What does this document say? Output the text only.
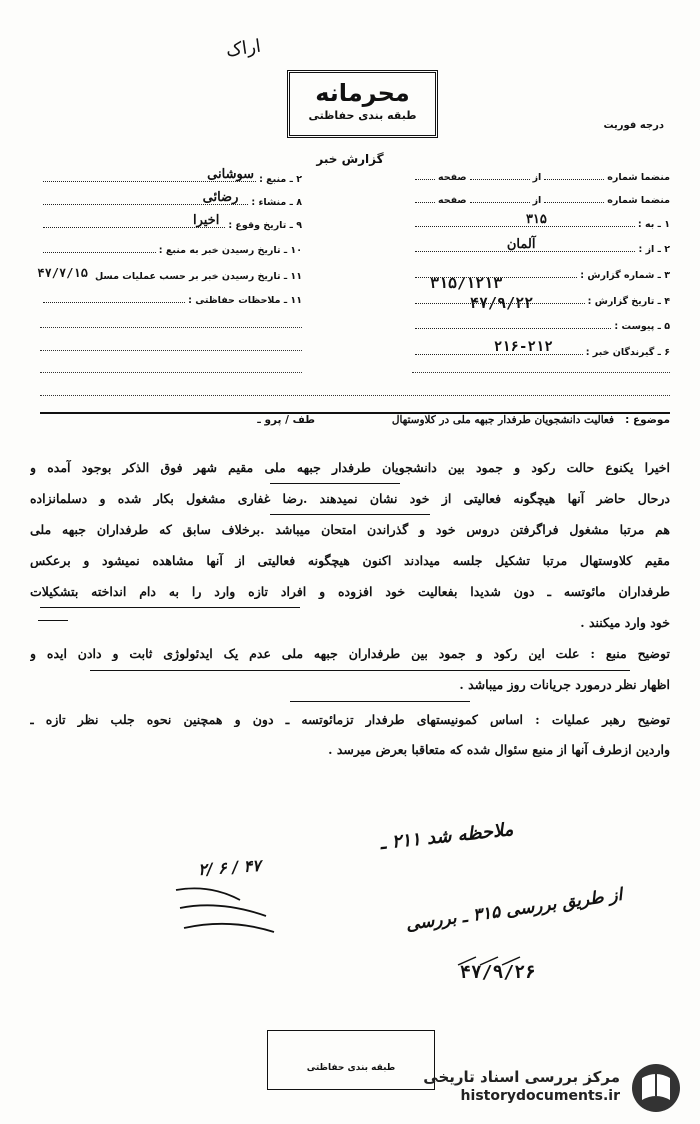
اراک
محرمانه
طبقه بندی حفاظتی
درجه فوریت
گزارش خبر
۲ ـ منبع :
سوشانی
۸ ـ منشاء :
رضائی
۹ ـ تاریخ وقوع :
اخیرا
۱۰ ـ تاریخ رسیدن خبر به منبع :
۱۱ ـ تاریخ رسیدن خبر بر حسب عملیات مسل
۴۷/۷/۱۵
۱۱ ـ ملاحظات حفاظتی :
منضما شماره
از
صفحه
منضما شماره
از
صفحه
۱ ـ به :
۳۱۵
۲ ـ از :
آلمان
۳ ـ شماره گزارش :
۴ ـ تاریخ گزارش :
۵ ـ پیوست :
۶ ـ گیرندگان خبر :
۲۱۶-۲۱۲
۳۱۵/۱۲۱۳
۴۷/۹/۲۲
موضوع :
فعالیت دانشجویان طرفدار جبهه ملی در کلاوستهال
طف / پرو ـ
اخیرا یکنوع حالت رکود و جمود بین دانشجویان طرفدار جبهه ملی مقیم شهر فوق الذکر بوجود آمده و
درحال حاضر آنها هیچگونه فعالیتی از خود نشان نمیدهند .رضا غفاری مشغول بکار شده و دسلمانزاده
هم مرتبا مشغول فراگرفتن دروس خود و گذراندن امتحان میباشد .برخلاف سابق که طرفداران جبهه ملی
مقیم کلاوستهال مرتبا تشکیل جلسه میدادند اکنون هیچگونه فعالیتی از آنها مشاهده نمیشود و برعکس
طرفداران مائوتسه ـ دون شدیدا بفعالیت خود افزوده و افراد تازه وارد را به دام انداخته بتشکیلات
خود وارد میکنند .
توضیح منبع : علت این رکود و جمود بین طرفداران جبهه ملی عدم یک ایدئولوژی ثابت و دادن ایده و
اظهار نظر درمورد جریانات روز میباشد .
توضیح رهبر عملیات : اساس کمونیستهای طرفدار تزمائوتسه ـ دون و همچنین نحوه جلب نظر تازه ـ
واردین ازطرف آنها از منبع سئوال شده که متعاقبا بعرض میرسد .
۲/ ۶ / ۴۷
ملاحظه شد ۲۱۱ ـ
از طریق بررسی ۳۱۵ ـ بررسی
۴۷/۹/۲۶
طبقه بندی حفاظتی	مرکز بررسی اسناد تاریخی
historydocuments.ir
